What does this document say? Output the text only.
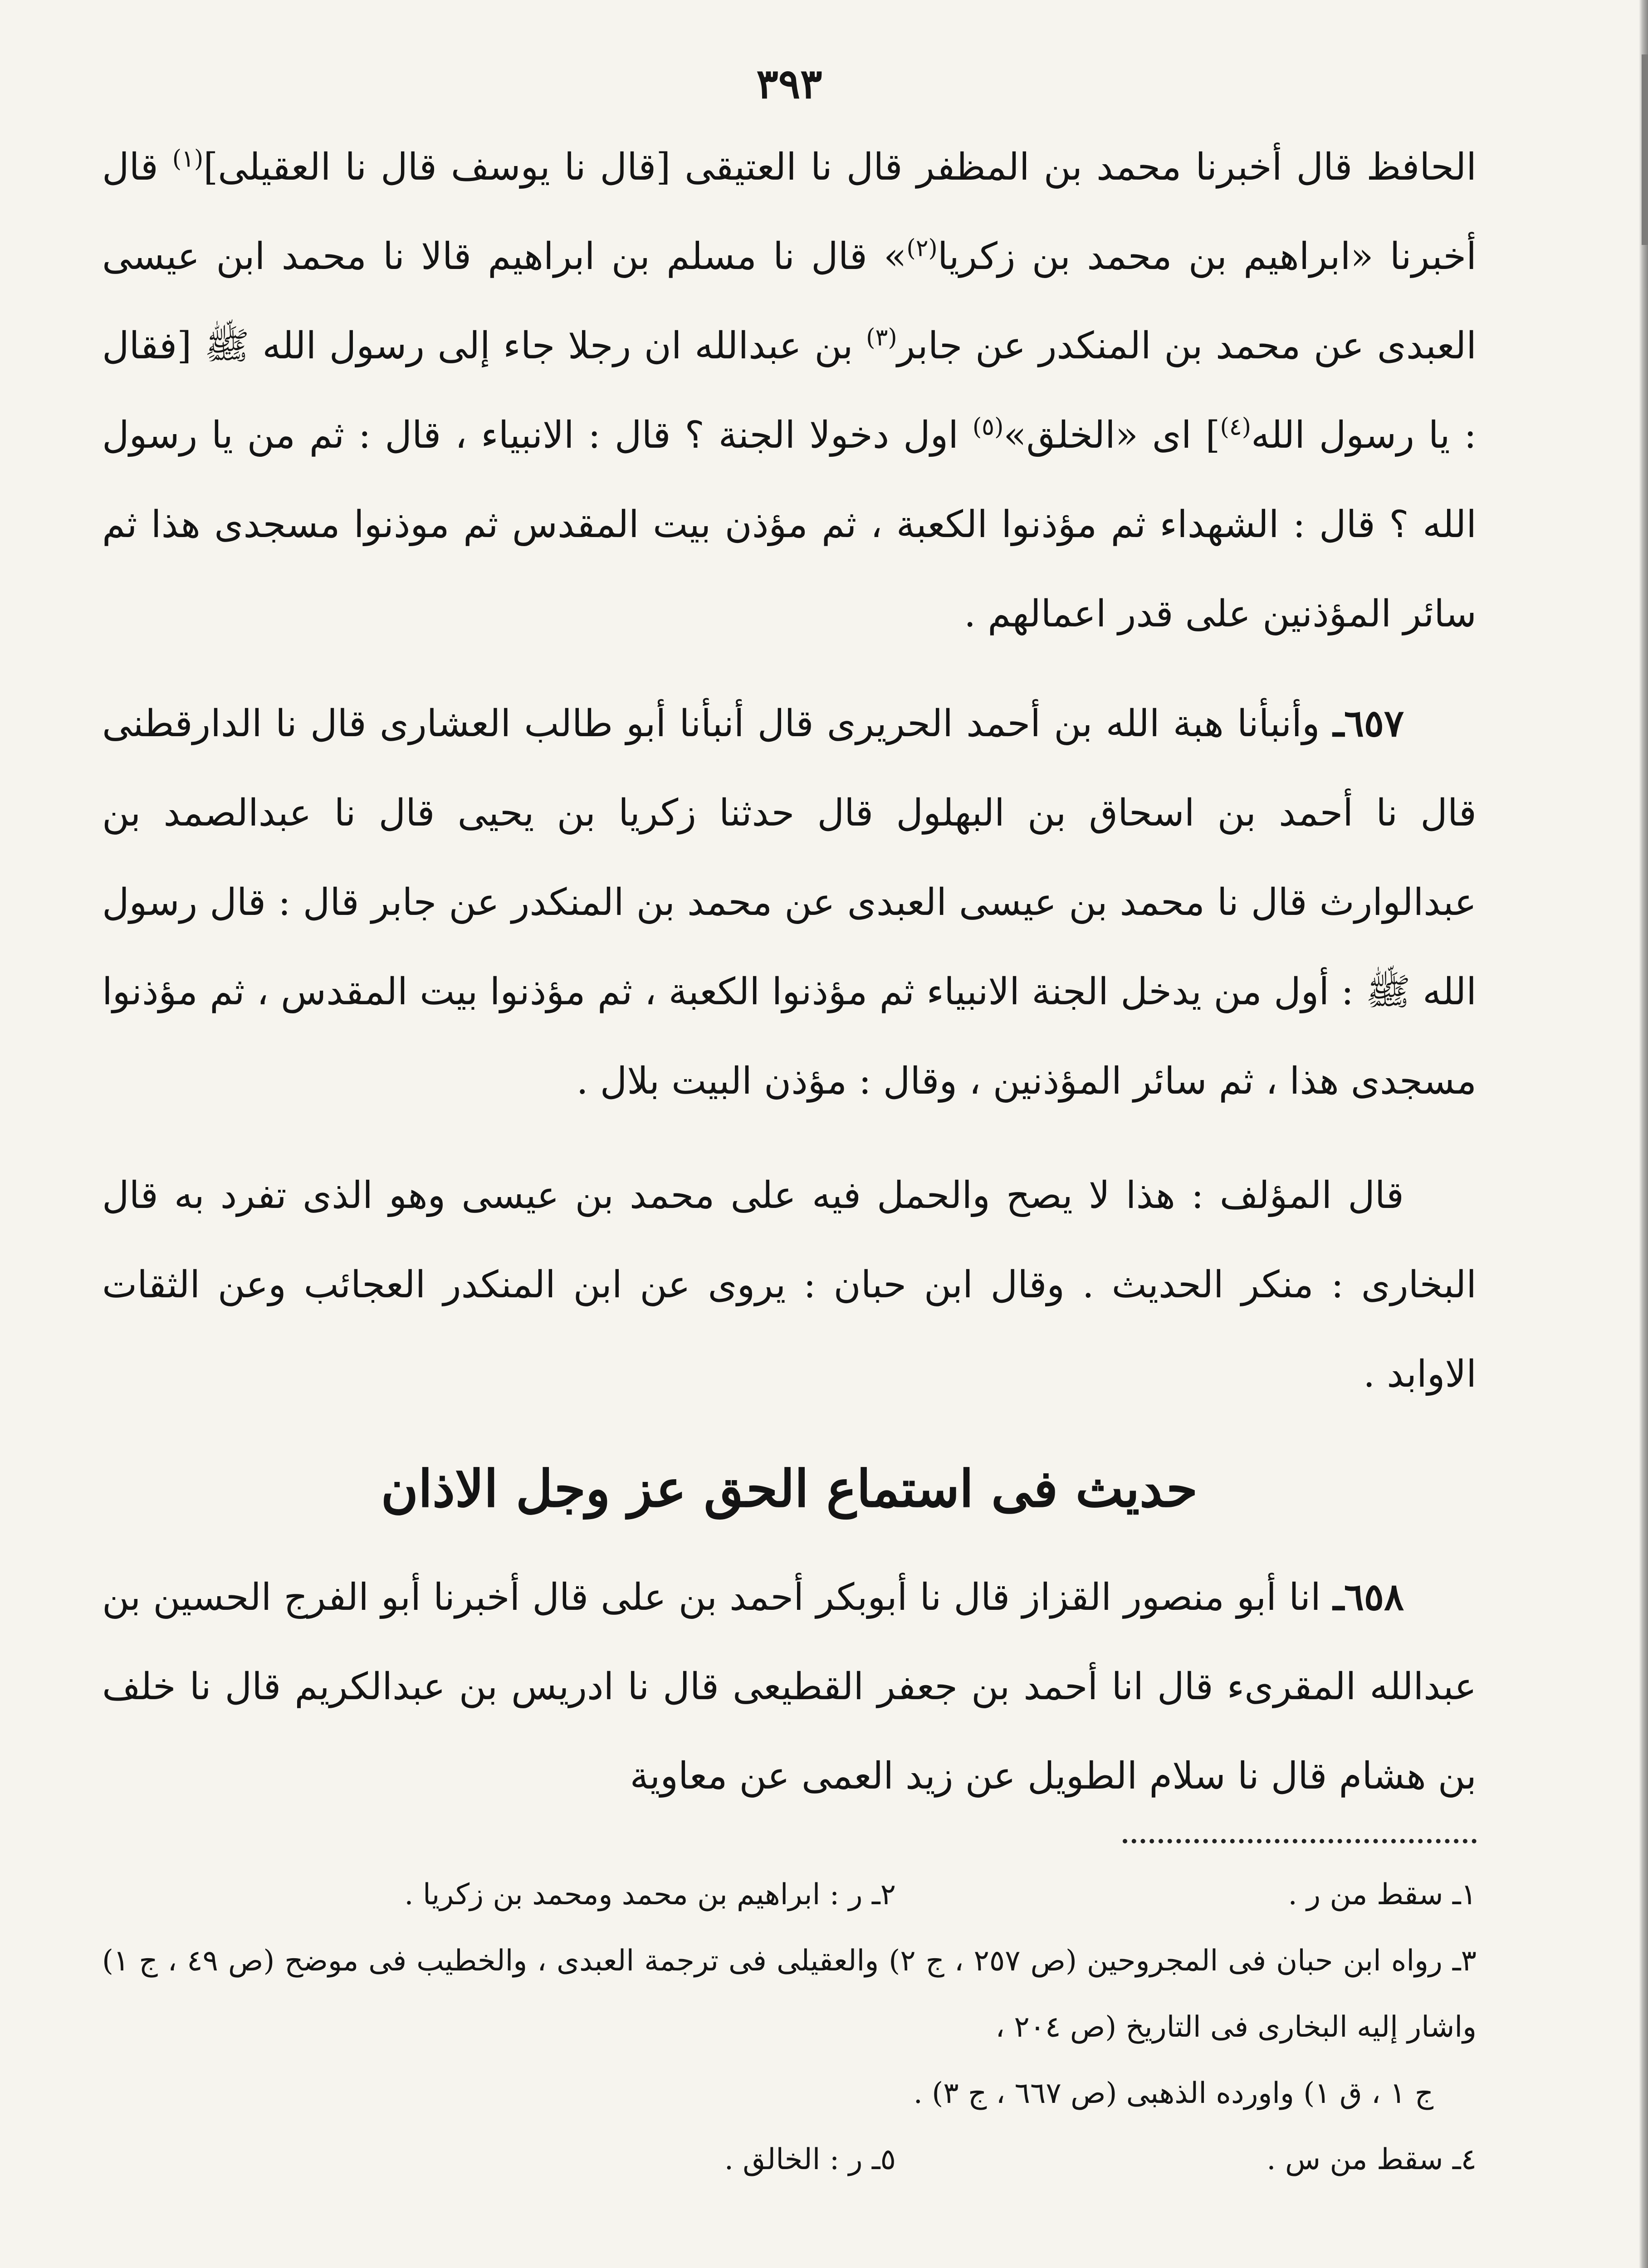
٣٩٣

الحافظ قال أخبرنا محمد بن المظفر قال نا العتيقى [قال نا يوسف قال نا العقيلى]$^{(١)}$ قال أخبرنا «ابراهيم بن محمد بن زكريا$^{(٢)}$» قال نا مسلم بن ابراهيم قالا نا محمد ابن عيسى العبدى عن محمد بن المنكدر عن جابر$^{(٣)}$ بن عبدالله ان رجلا جاء إلى رسول الله ﷺ [فقال : يا رسول الله$^{(٤)}$] اى «الخلق»$^{(٥)}$ اول دخولا الجنة ؟ قال : الانبياء ، قال : ثم من يا رسول الله ؟ قال : الشهداء ثم مؤذنوا الكعبة ، ثم مؤذن بيت المقدس ثم موذنوا مسجدى هذا ثم سائر المؤذنين على قدر اعمالهم .

٦٥٧ـ وأنبأنا هبة الله بن أحمد الحريرى قال أنبأنا أبو طالب العشارى قال نا الدارقطنى قال نا أحمد بن اسحاق بن البهلول قال حدثنا زكريا بن يحيى قال نا عبدالصمد بن عبدالوارث قال نا محمد بن عيسى العبدى عن محمد بن المنكدر عن جابر قال : قال رسول الله ﷺ : أول من يدخل الجنة الانبياء ثم مؤذنوا الكعبة ، ثم مؤذنوا بيت المقدس ، ثم مؤذنوا مسجدى هذا ، ثم سائر المؤذنين ، وقال : مؤذن البيت بلال .

قال المؤلف : هذا لا يصح والحمل فيه على محمد بن عيسى وهو الذى تفرد به قال البخارى : منكر الحديث . وقال ابن حبان : يروى عن ابن المنكدر العجائب وعن الثقات الاوابد .

حديث فى استماع الحق عز وجل الاذان

٦٥٨ـ انا أبو منصور القزاز قال نا أبوبكر أحمد بن على قال أخبرنا أبو الفرج الحسين بن عبدالله المقرىء قال انا أحمد بن جعفر القطيعى قال نا ادريس بن عبدالكريم قال نا خلف بن هشام قال نا سلام الطويل عن زيد العمى عن معاوية

١ـ سقط من ر .
٢ـ ر : ابراهيم بن محمد ومحمد بن زكريا .
٣ـ رواه ابن حبان فى المجروحين (ص ٢٥٧ ، ج ٢) والعقيلى فى ترجمة العبدى ، والخطيب فى موضح (ص ٤٩ ، ج ١) واشار إليه البخارى فى التاريخ (ص ٢٠٤ ،
ج ١ ، ق ١) واورده الذهبى (ص ٦٦٧ ، ج ٣) .
٤ـ سقط من س .
٥ـ ر : الخالق .
